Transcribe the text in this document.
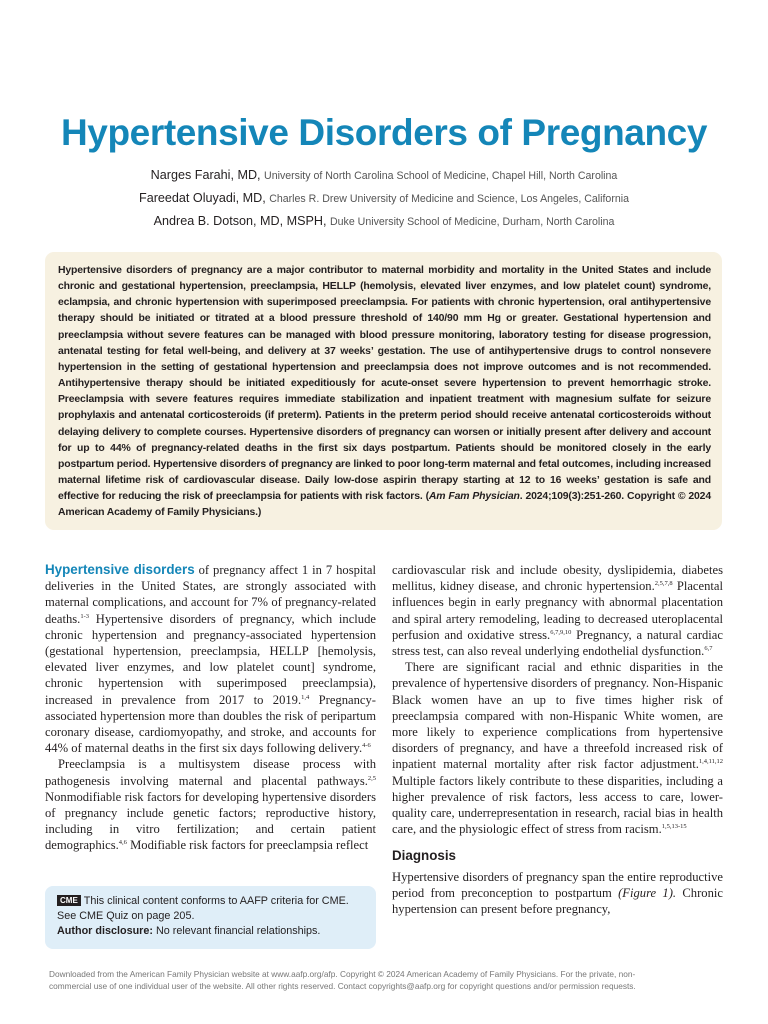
Hypertensive Disorders of Pregnancy
Narges Farahi, MD, University of North Carolina School of Medicine, Chapel Hill, North Carolina
Fareedat Oluyadi, MD, Charles R. Drew University of Medicine and Science, Los Angeles, California
Andrea B. Dotson, MD, MSPH, Duke University School of Medicine, Durham, North Carolina

Hypertensive disorders of pregnancy are a major contributor to maternal morbidity and mortality in the United States and include chronic and gestational hypertension, preeclampsia, HELLP (hemolysis, elevated liver enzymes, and low platelet count) syndrome, eclampsia, and chronic hypertension with superimposed preeclampsia. For patients with chronic hypertension, oral antihypertensive therapy should be initiated or titrated at a blood pressure threshold of 140/90 mm Hg or greater. Gestational hypertension and preeclampsia without severe features can be managed with blood pressure monitoring, laboratory testing for disease progression, antenatal testing for fetal well-being, and delivery at 37 weeks’ gestation. The use of antihypertensive drugs to control nonsevere hypertension in the setting of gestational hypertension and preeclampsia does not improve outcomes and is not recommended. Antihypertensive therapy should be initiated expeditiously for acute-onset severe hypertension to prevent hemorrhagic stroke. Preeclampsia with severe features requires immediate stabilization and inpatient treatment with magnesium sulfate for seizure prophylaxis and antenatal corticosteroids (if preterm). Patients in the preterm period should receive antenatal corticosteroids without delaying delivery to complete courses. Hypertensive disorders of pregnancy can worsen or initially present after delivery and account for up to 44% of pregnancy-related deaths in the first six days postpartum. Patients should be monitored closely in the early postpartum period. Hypertensive disorders of pregnancy are linked to poor long-term maternal and fetal outcomes, including increased maternal lifetime risk of cardiovascular disease. Daily low-dose aspirin therapy starting at 12 to 16 weeks’ gestation is safe and effective for reducing the risk of preeclampsia for patients with risk factors. (Am Fam Physician. 2024;109(3):251-260. Copyright © 2024 American Academy of Family Physicians.)

Hypertensive disorders of pregnancy affect 1 in 7 hospital deliveries in the United States, are strongly associated with maternal complications, and account for 7% of pregnancy-related deaths.$^{1-3}$ Hypertensive disorders of pregnancy, which include chronic hypertension and pregnancy-associated hypertension (gestational hypertension, preeclampsia, HELLP [hemolysis, elevated liver enzymes, and low platelet count] syndrome, chronic hypertension with superimposed preeclampsia), increased in prevalence from 2017 to 2019.$^{1,4}$ Pregnancy-associated hypertension more than doubles the risk of peripartum coronary disease, cardiomyopathy, and stroke, and accounts for 44% of maternal deaths in the first six days following delivery.$^{4-6}$

Preeclampsia is a multisystem disease process with pathogenesis involving maternal and placental pathways.$^{2,5}$ Nonmodifiable risk factors for developing hypertensive disorders of pregnancy include genetic factors; reproductive history, including in vitro fertilization; and certain patient demographics.$^{4,6}$ Modifiable risk factors for preeclampsia reflect

CME This clinical content conforms to AAFP criteria for CME. See CME Quiz on page 205.

Author disclosure: No relevant financial relationships.

cardiovascular risk and include obesity, dyslipidemia, diabetes mellitus, kidney disease, and chronic hypertension.$^{2,5,7,8}$ Placental influences begin in early pregnancy with abnormal placentation and spiral artery remodeling, leading to decreased uteroplacental perfusion and oxidative stress.$^{6,7,9,10}$ Pregnancy, a natural cardiac stress test, can also reveal underlying endothelial dysfunction.$^{6,7}$

There are significant racial and ethnic disparities in the prevalence of hypertensive disorders of pregnancy. Non-Hispanic Black women have an up to five times higher risk of preeclampsia compared with non-Hispanic White women, are more likely to experience complications from hypertensive disorders of pregnancy, and have a threefold increased risk of inpatient maternal mortality after risk factor adjustment.$^{1,4,11,12}$ Multiple factors likely contribute to these disparities, including a higher prevalence of risk factors, less access to care, lower-quality care, underrepresentation in research, racial bias in health care, and the physiologic effect of stress from racism.$^{1,5,13-15}$

Diagnosis

Hypertensive disorders of pregnancy span the entire reproductive period from preconception to postpartum (Figure 1). Chronic hypertension can present before pregnancy,

Downloaded from the American Family Physician website at www.aafp.org/afp. Copyright © 2024 American Academy of Family Physicians. For the private, non-

commercial use of one individual user of the website. All other rights reserved. Contact copyrights@aafp.org for copyright questions and/or permission requests.
